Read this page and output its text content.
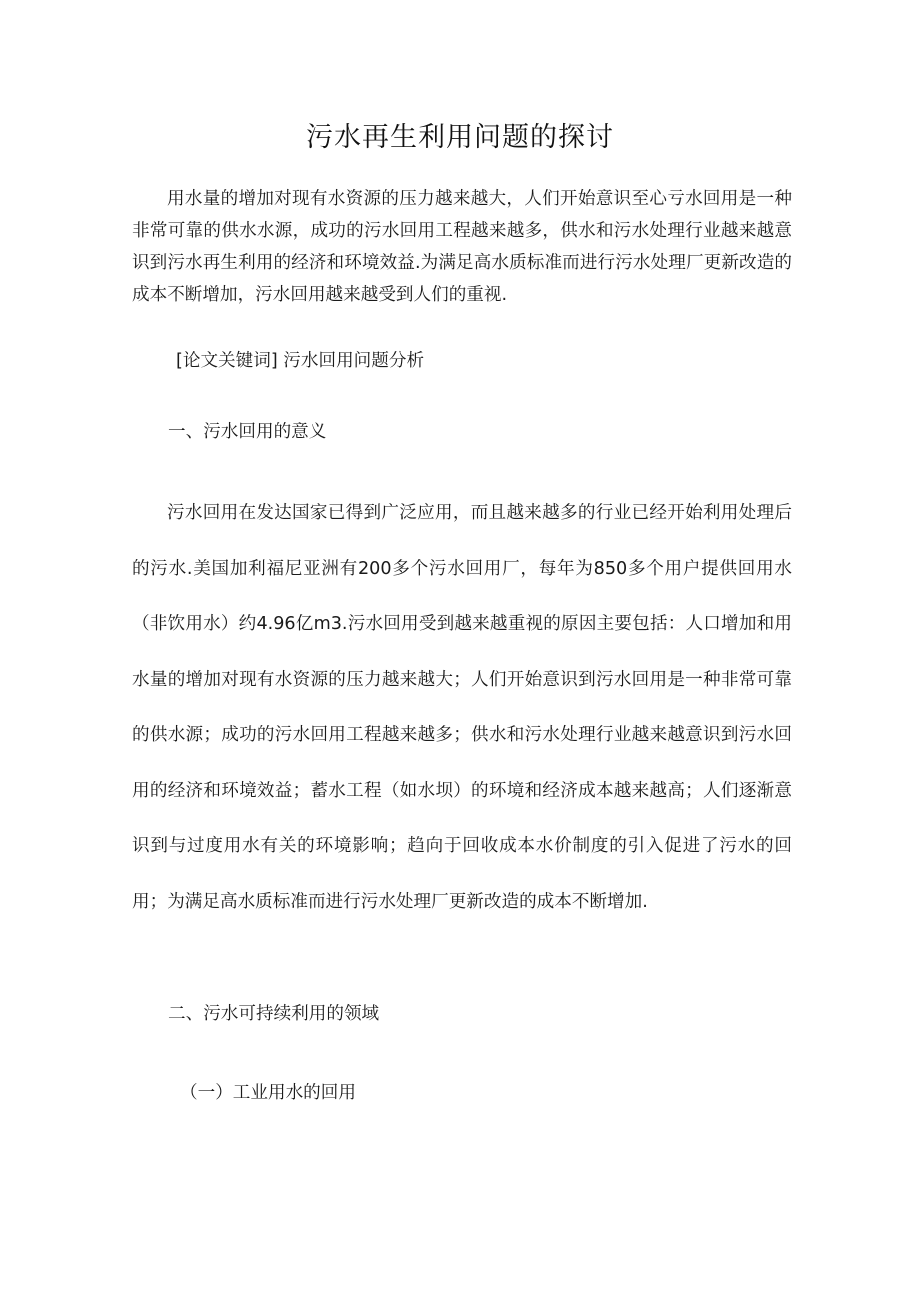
污水再生利用问题的探讨

用水量的增加对现有水资源的压力越来越大，人们开始意识至心亏水回用是一种非常可靠的供水水源，成功的污水回用工程越来越多，供水和污水处理行业越来越意识到污水再生利用的经济和环境效益.为满足高水质标准而进行污水处理厂更新改造的成本不断增加，污水回用越来越受到人们的重视.

[论文关键词] 污水回用问题分析
一、污水回用的意义

污水回用在发达国家已得到广泛应用，而且越来越多的行业已经开始利用处理后的污水.美国加利福尼亚洲有200多个污水回用厂，每年为850多个用户提供回用水（非饮用水）约4.96亿m3.污水回用受到越来越重视的原因主要包括：人口增加和用水量的增加对现有水资源的压力越来越大；人们开始意识到污水回用是一种非常可靠的供水源；成功的污水回用工程越来越多；供水和污水处理行业越来越意识到污水回用的经济和环境效益；蓄水工程（如水坝）的环境和经济成本越来越高；人们逐渐意识到与过度用水有关的环境影响；趋向于回收成本水价制度的引入促进了污水的回用；为满足高水质标准而进行污水处理厂更新改造的成本不断增加.

二、污水可持续利用的领域
（一）工业用水的回用
